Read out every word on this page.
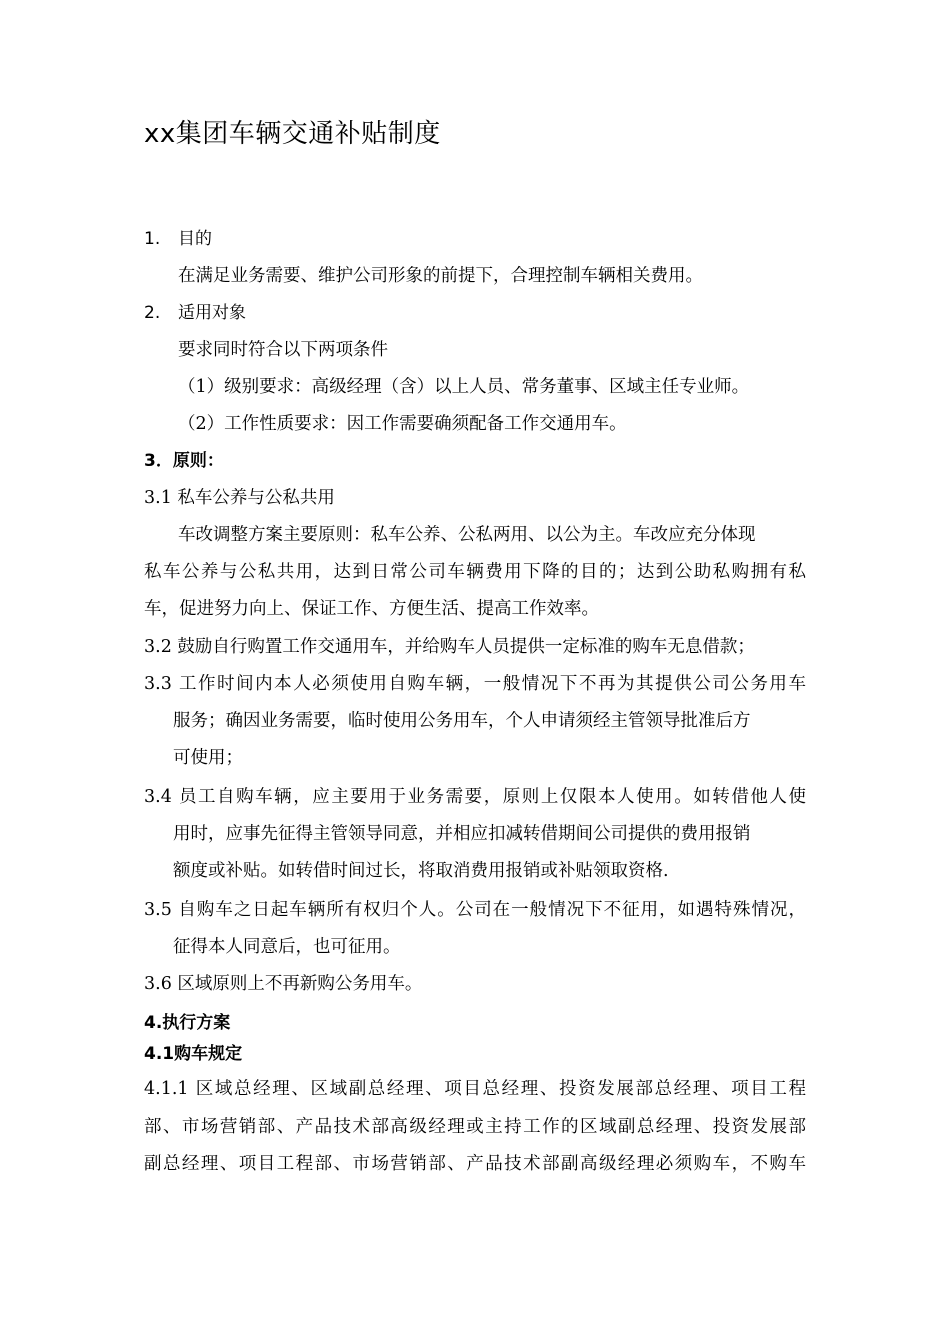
xx集团车辆交通补贴制度
1. 目的
在满足业务需要、维护公司形象的前提下，合理控制车辆相关费用。
2. 适用对象
要求同时符合以下两项条件
（1）级别要求：高级经理（含）以上人员、常务董事、区域主任专业师。
（2）工作性质要求：因工作需要确须配备工作交通用车。
3．原则：
3.1 私车公养与公私共用
车改调整方案主要原则：私车公养、公私两用、以公为主。车改应充分体现
私车公养与公私共用，达到日常公司车辆费用下降的目的；达到公助私购拥有私
车，促进努力向上、保证工作、方便生活、提高工作效率。
3.2 鼓励自行购置工作交通用车，并给购车人员提供一定标准的购车无息借款；
3.3 工作时间内本人必须使用自购车辆，一般情况下不再为其提供公司公务用车
服务；确因业务需要，临时使用公务用车，个人申请须经主管领导批准后方
可使用；
3.4 员工自购车辆，应主要用于业务需要，原则上仅限本人使用。如转借他人使
用时，应事先征得主管领导同意，并相应扣减转借期间公司提供的费用报销
额度或补贴。如转借时间过长，将取消费用报销或补贴领取资格.
3.5 自购车之日起车辆所有权归个人。公司在一般情况下不征用，如遇特殊情况，
征得本人同意后，也可征用。
3.6 区域原则上不再新购公务用车。
4.执行方案
4.1购车规定
4.1.1 区域总经理、区域副总经理、项目总经理、投资发展部总经理、项目工程
部、市场营销部、产品技术部高级经理或主持工作的区域副总经理、投资发展部
副总经理、项目工程部、市场营销部、产品技术部副高级经理必须购车，不购车
